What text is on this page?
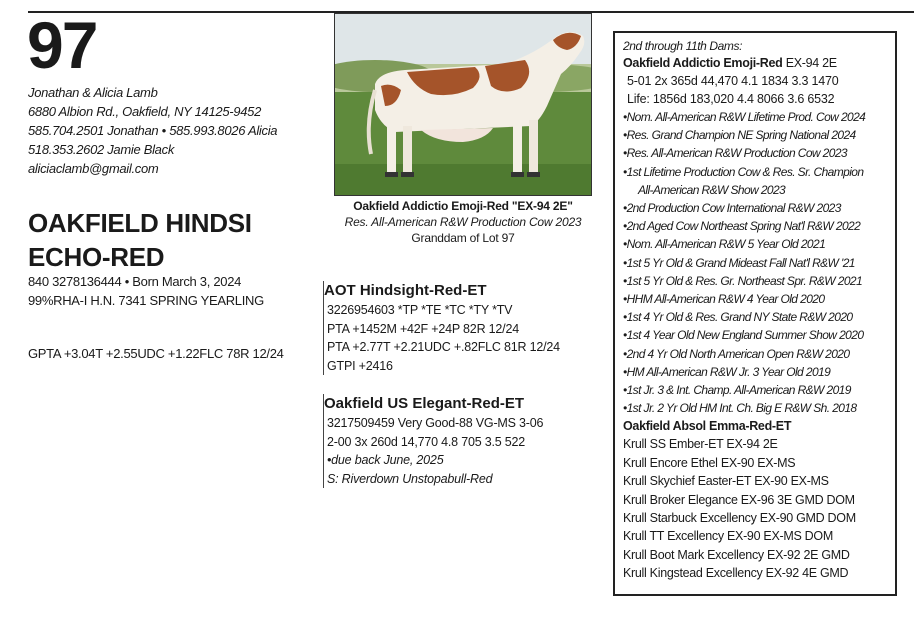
97
Jonathan & Alicia Lamb
6880 Albion Rd., Oakfield, NY 14125-9452
585.704.2501 Jonathan • 585.993.8026 Alicia
518.353.2602 Jamie Black
aliciaclamb@gmail.com
OAKFIELD HINDSI
ECHO-RED
840 3278136444 • Born March 3, 2024
99%RHA-I H.N. 7341 SPRING YEARLING
GPTA +3.04T +2.55UDC +1.22FLC 78R 12/24
Oakfield Addictio Emoji-Red "EX-94 2E"
Res. All-American R&W Production Cow 2023
Granddam of Lot 97
AOT Hindsight-Red-ET
3226954603 *TP *TE *TC *TY *TV
PTA +1452M +42F +24P 82R 12/24
PTA +2.77T +2.21UDC +.82FLC 81R 12/24
GTPI +2416
Oakfield US Elegant-Red-ET
3217509459 Very Good-88 VG-MS 3-06
2-00 3x 260d 14,770 4.8 705 3.5 522
•due back June, 2025
S: Riverdown Unstopabull-Red
2nd through 11th Dams:
Oakfield Addictio Emoji-Red EX-94 2E
5-01 2x 365d 44,470 4.1 1834 3.3 1470
Life: 1856d 183,020 4.4 8066 3.6 6532
•Nom. All-American R&W Lifetime Prod. Cow 2024
•Res. Grand Champion NE Spring National 2024
•Res. All-American R&W Production Cow 2023
•1st Lifetime Production Cow & Res. Sr. Champion
All-American R&W Show 2023
•2nd Production Cow International R&W 2023
•2nd Aged Cow Northeast Spring Nat'l R&W 2022
•Nom. All-American R&W 5 Year Old 2021
•1st 5 Yr Old & Grand Mideast Fall Nat'l R&W '21
•1st 5 Yr Old & Res. Gr. Northeast Spr. R&W 2021
•HHM All-American R&W 4 Year Old 2020
•1st 4 Yr Old & Res. Grand NY State R&W 2020
•1st 4 Year Old New England Summer Show 2020
•2nd 4 Yr Old North American Open R&W 2020
•HM All-American R&W Jr. 3 Year Old 2019
•1st Jr. 3 & Int. Champ. All-American R&W 2019
•1st Jr. 2 Yr Old HM Int. Ch. Big E R&W Sh. 2018
Oakfield Absol Emma-Red-ET
Krull SS Ember-ET EX-94 2E
Krull Encore Ethel EX-90 EX-MS
Krull Skychief Easter-ET EX-90 EX-MS
Krull Broker Elegance EX-96 3E GMD DOM
Krull Starbuck Excellency EX-90 GMD DOM
Krull TT Excellency EX-90 EX-MS DOM
Krull Boot Mark Excellency EX-92 2E GMD
Krull Kingstead Excellency EX-92 4E GMD
